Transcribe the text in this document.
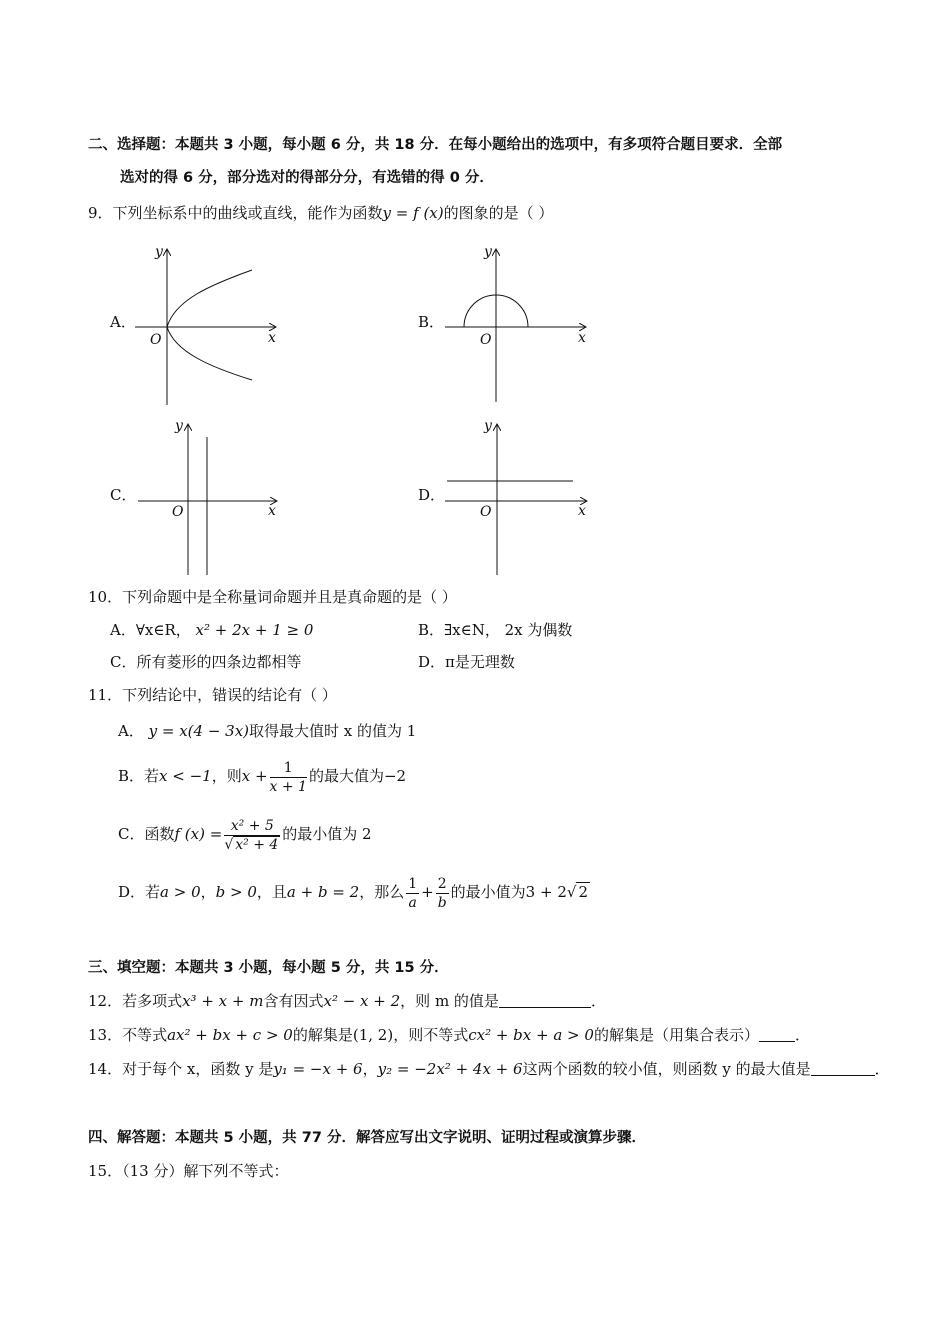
二、选择题：本题共 3 小题，每小题 6 分，共 18 分．在每小题给出的选项中，有多项符合题目要求．全部
选对的得 6 分，部分选对的得部分分，有选错的得 0 分．
9．下列坐标系中的曲线或直线，能作为函数y = f (x)的图象的是（ ）
A．
x
y
O
B．
x
y
O
C．
x
y
O
D．
x
y
O
10．下列命题中是全称量词命题并且是真命题的是（ ）
A．∀x∈R， x² + 2x + 1 ≥ 0	B．∃x∈N， 2x 为偶数
C．所有菱形的四条边都相等	D．π是无理数
11．下列结论中，错误的结论有（ ）
A． y = x(4 − 3x)取得最大值时 x 的值为 1
B．若x < −1，则$x + \frac{1}{x + 1}$ 的最大值为−2
C．函数f $(x) = \frac{\text{x² + 5}}{\text{√ x² + 4}}$ 的最小值为 2
D．若a > 0，b > 0，且a + b = 2，那么 $\frac{1}{a} + \frac{2}{b}$ 的最小值为3 + 2√ 2
三、填空题：本题共 3 小题，每小题 5 分，共 15 分．
12．若多项式x³ + x + m含有因式x² − x + 2，则 m 的值是	．
13．不等式ax² + bx + c > 0的解集是(1, 2)，则不等式cx² + bx + a > 0的解集是（用集合表示） ．
14．对于每个 x，函数 y 是y₁ = −x + 6，y₂ = −2x² + 4x + 6这两个函数的较小值，则函数 y 的最大值是	．
四、解答题：本题共 5 小题，共 77 分．解答应写出文字说明、证明过程或演算步骤．
15．（13 分）解下列不等式：
